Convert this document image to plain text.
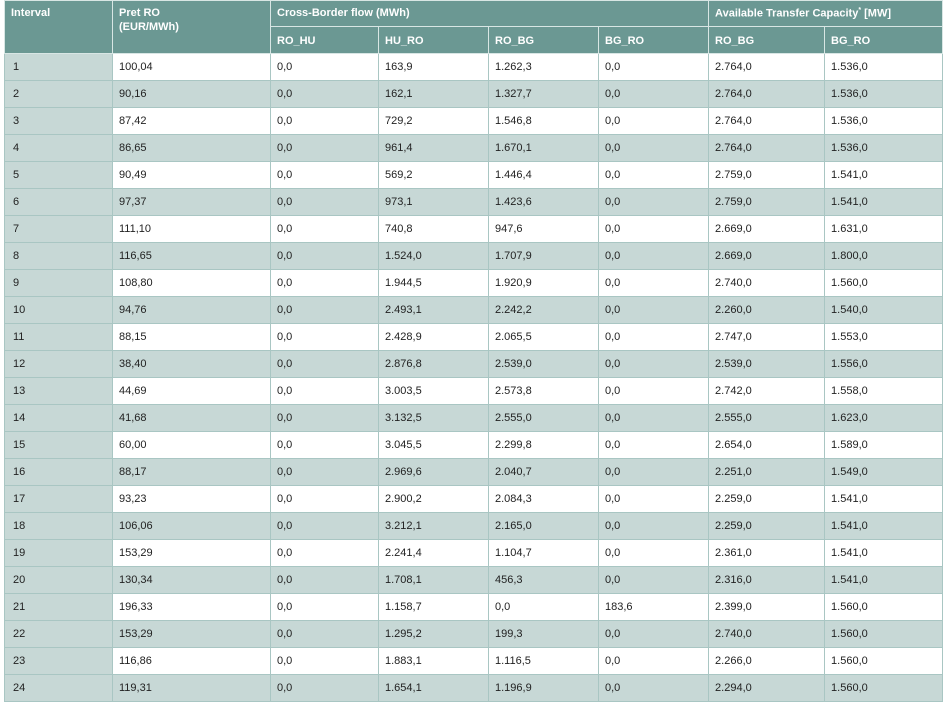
Interval	Pret RO
(EUR/MWh)	Cross-Border flow (MWh)				Available Transfer Capacity* [MW]	
		RO_HU	HU_RO	RO_BG	BG_RO	RO_BG	BG_RO
1	100,04	0,0	163,9	1.262,3	0,0	2.764,0	1.536,0
2	90,16	0,0	162,1	1.327,7	0,0	2.764,0	1.536,0
3	87,42	0,0	729,2	1.546,8	0,0	2.764,0	1.536,0
4	86,65	0,0	961,4	1.670,1	0,0	2.764,0	1.536,0
5	90,49	0,0	569,2	1.446,4	0,0	2.759,0	1.541,0
6	97,37	0,0	973,1	1.423,6	0,0	2.759,0	1.541,0
7	111,10	0,0	740,8	947,6	0,0	2.669,0	1.631,0
8	116,65	0,0	1.524,0	1.707,9	0,0	2.669,0	1.800,0
9	108,80	0,0	1.944,5	1.920,9	0,0	2.740,0	1.560,0
10	94,76	0,0	2.493,1	2.242,2	0,0	2.260,0	1.540,0
11	88,15	0,0	2.428,9	2.065,5	0,0	2.747,0	1.553,0
12	38,40	0,0	2.876,8	2.539,0	0,0	2.539,0	1.556,0
13	44,69	0,0	3.003,5	2.573,8	0,0	2.742,0	1.558,0
14	41,68	0,0	3.132,5	2.555,0	0,0	2.555,0	1.623,0
15	60,00	0,0	3.045,5	2.299,8	0,0	2.654,0	1.589,0
16	88,17	0,0	2.969,6	2.040,7	0,0	2.251,0	1.549,0
17	93,23	0,0	2.900,2	2.084,3	0,0	2.259,0	1.541,0
18	106,06	0,0	3.212,1	2.165,0	0,0	2.259,0	1.541,0
19	153,29	0,0	2.241,4	1.104,7	0,0	2.361,0	1.541,0
20	130,34	0,0	1.708,1	456,3	0,0	2.316,0	1.541,0
21	196,33	0,0	1.158,7	0,0	183,6	2.399,0	1.560,0
22	153,29	0,0	1.295,2	199,3	0,0	2.740,0	1.560,0
23	116,86	0,0	1.883,1	1.116,5	0,0	2.266,0	1.560,0
24	119,31	0,0	1.654,1	1.196,9	0,0	2.294,0	1.560,0
